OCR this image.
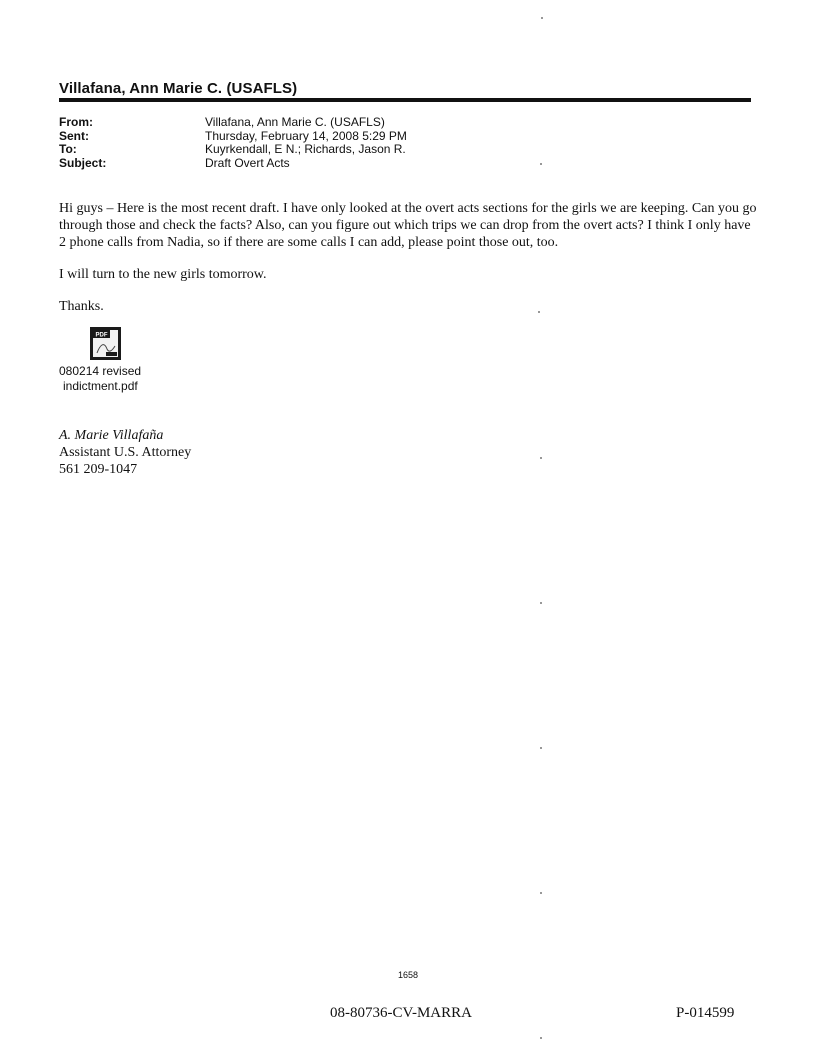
Villafana, Ann Marie C. (USAFLS)
From:	Villafana, Ann Marie C. (USAFLS)
Sent:	Thursday, February 14, 2008 5:29 PM
To:	Kuyrkendall, E N.; Richards, Jason R.
Subject:	Draft Overt Acts

Hi guys – Here is the most recent draft. I have only looked at the overt acts sections for the girls we are keeping. Can you go through those and check the facts? Also, can you figure out which trips we can drop from the overt acts? I think I only have 2 phone calls from Nadia, so if there are some calls I can add, please point those out, too.

I will turn to the new girls tomorrow.

Thanks.

PDF
080214 revised
indictment.pdf
A. Marie Villafaña
Assistant U.S. Attorney
561 209-1047
1658
08-80736-CV-MARRA	P-014599
